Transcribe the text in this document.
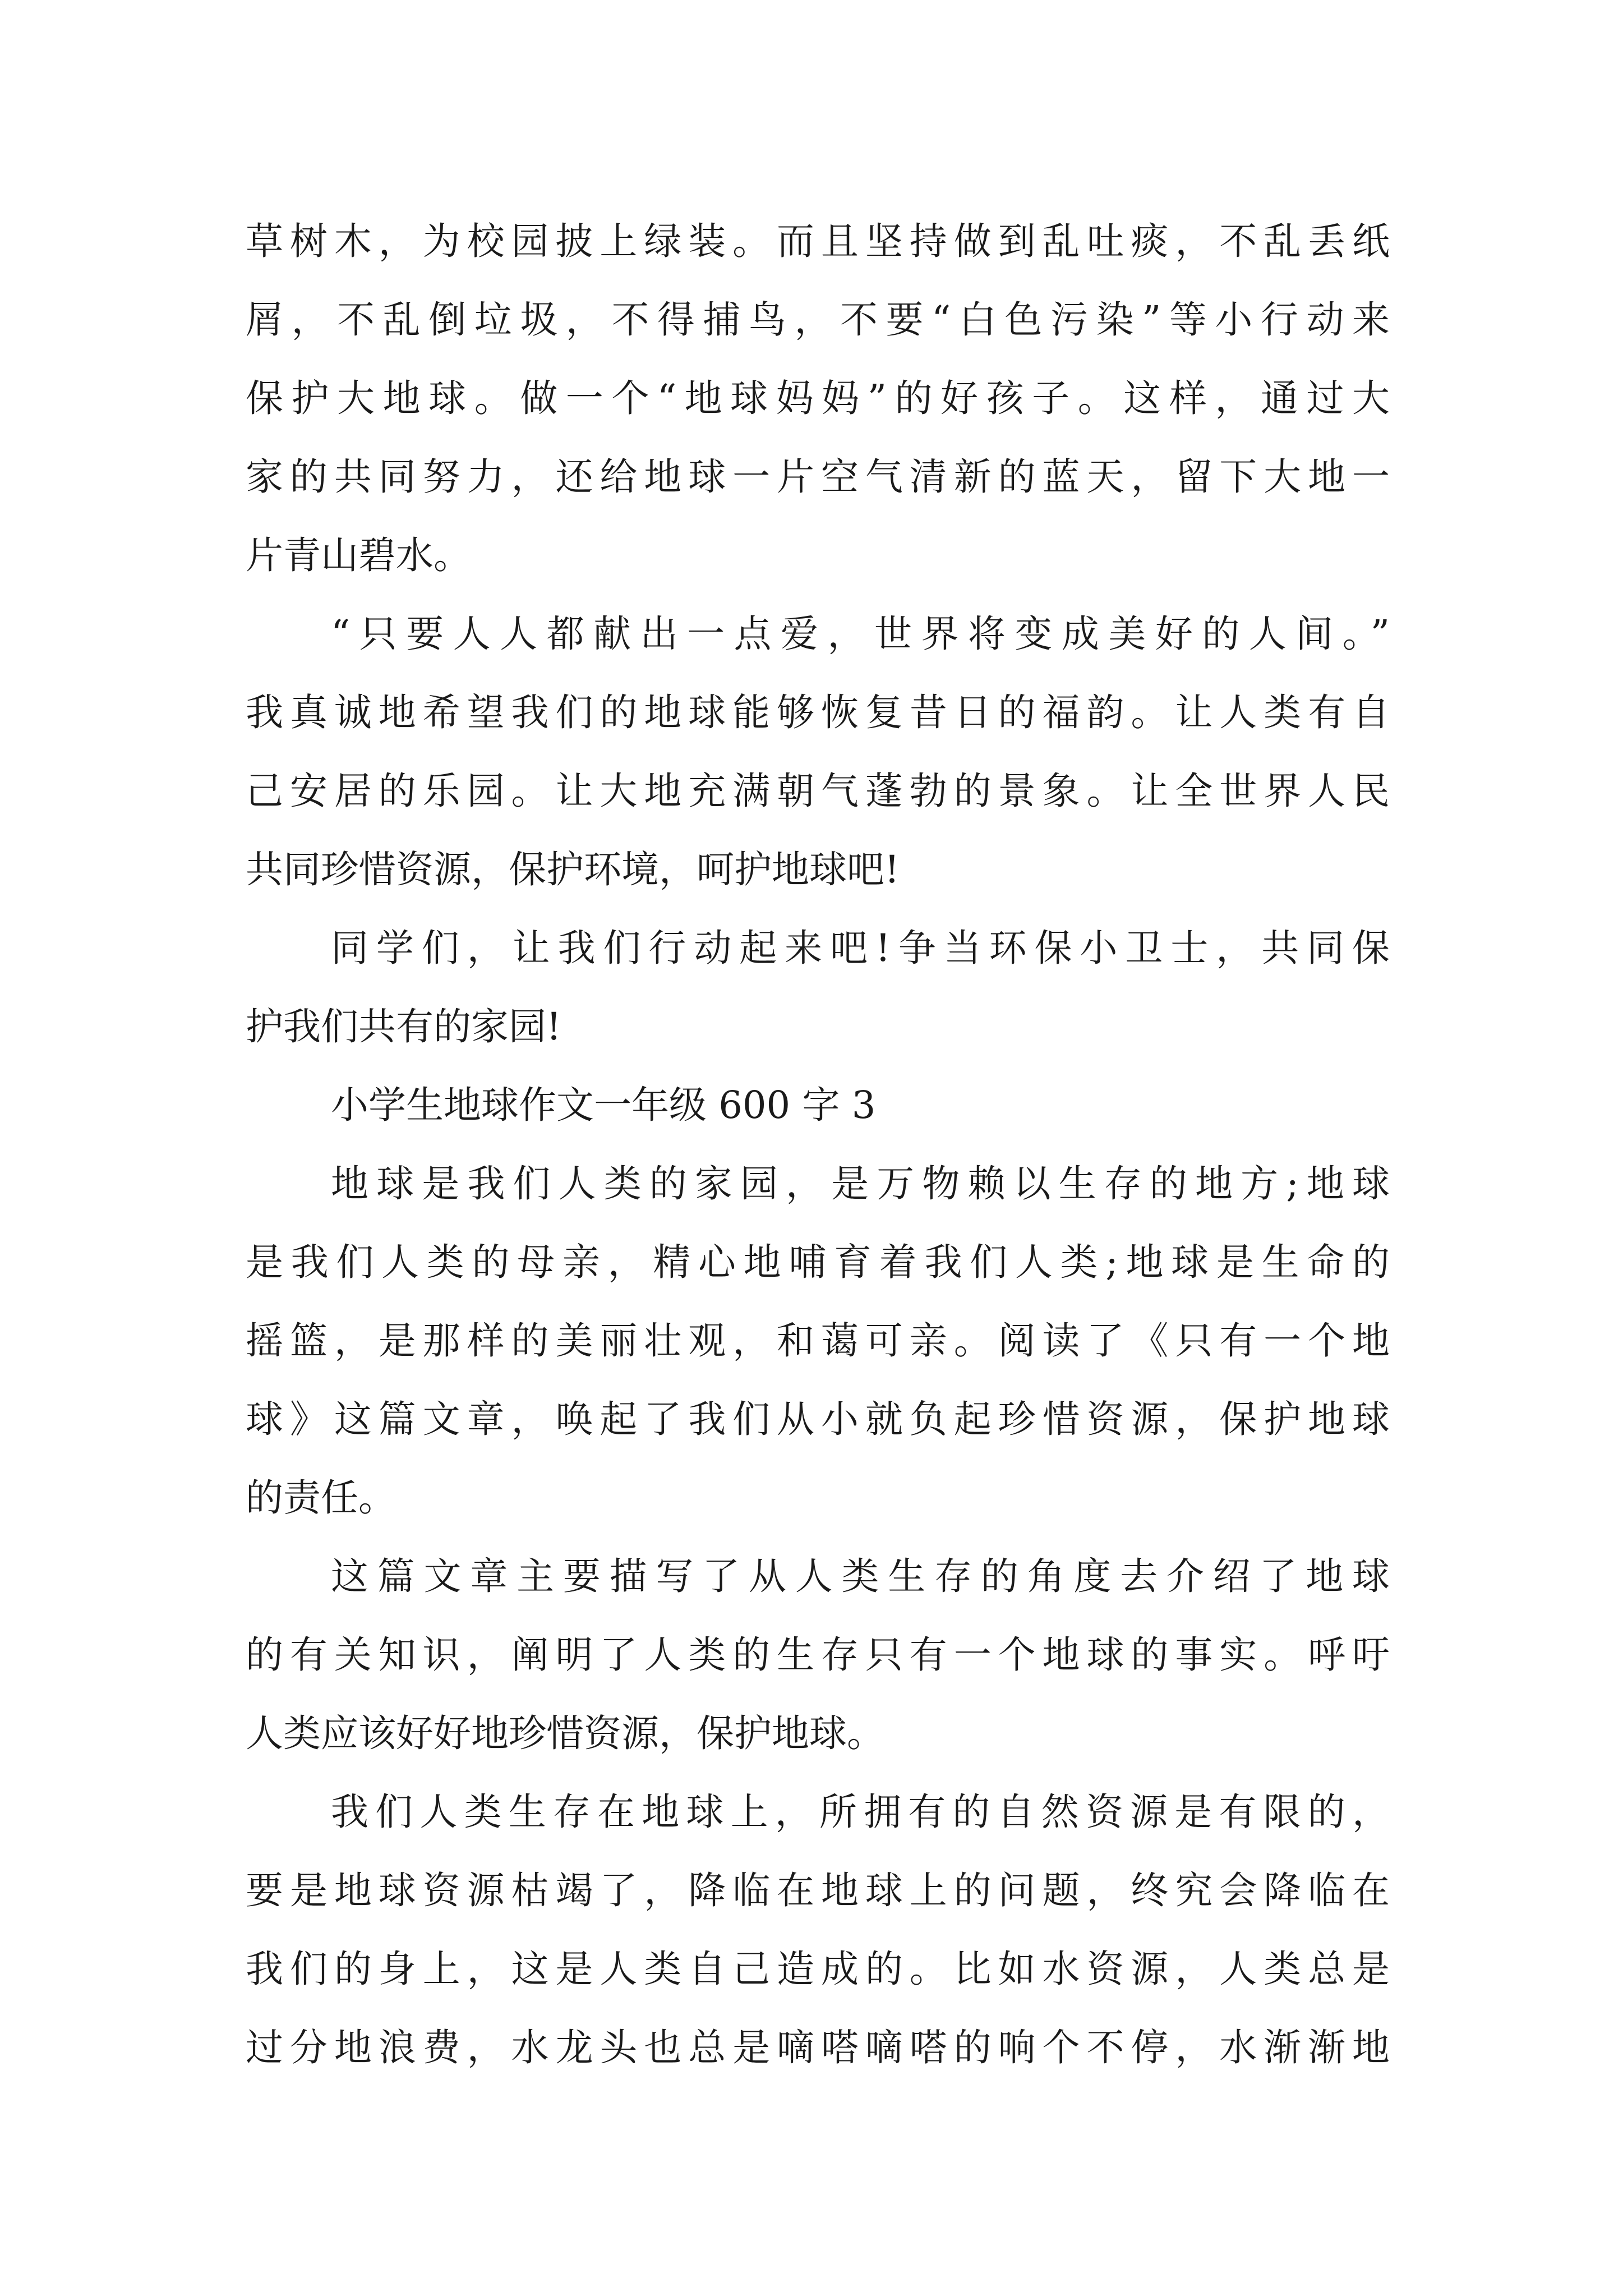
草树木，为校园披上绿装。而且坚持做到乱吐痰，不乱丢纸
屑，不乱倒垃圾，不得捕鸟，不要“白色污染”等小行动来
保护大地球。做一个“地球妈妈”的好孩子。这样，通过大
家的共同努力，还给地球一片空气清新的蓝天，留下大地一
片青山碧水。
“只要人人都献出一点爱，世界将变成美好的人间。”
我真诚地希望我们的地球能够恢复昔日的福韵。让人类有自
己安居的乐园。让大地充满朝气蓬勃的景象。让全世界人民
共同珍惜资源，保护环境，呵护地球吧!
同学们，让我们行动起来吧!争当环保小卫士，共同保
护我们共有的家园!
小学生地球作文一年级 600 字 3
地球是我们人类的家园，是万物赖以生存的地方;地球
是我们人类的母亲，精心地哺育着我们人类;地球是生命的
摇篮，是那样的美丽壮观，和蔼可亲。阅读了《只有一个地
球》这篇文章，唤起了我们从小就负起珍惜资源，保护地球
的责任。
这篇文章主要描写了从人类生存的角度去介绍了地球
的有关知识，阐明了人类的生存只有一个地球的事实。呼吁
人类应该好好地珍惜资源，保护地球。
我们人类生存在地球上，所拥有的自然资源是有限的，
要是地球资源枯竭了，降临在地球上的问题，终究会降临在
我们的身上，这是人类自己造成的。比如水资源，人类总是
过分地浪费，水龙头也总是嘀嗒嘀嗒的响个不停，水渐渐地
